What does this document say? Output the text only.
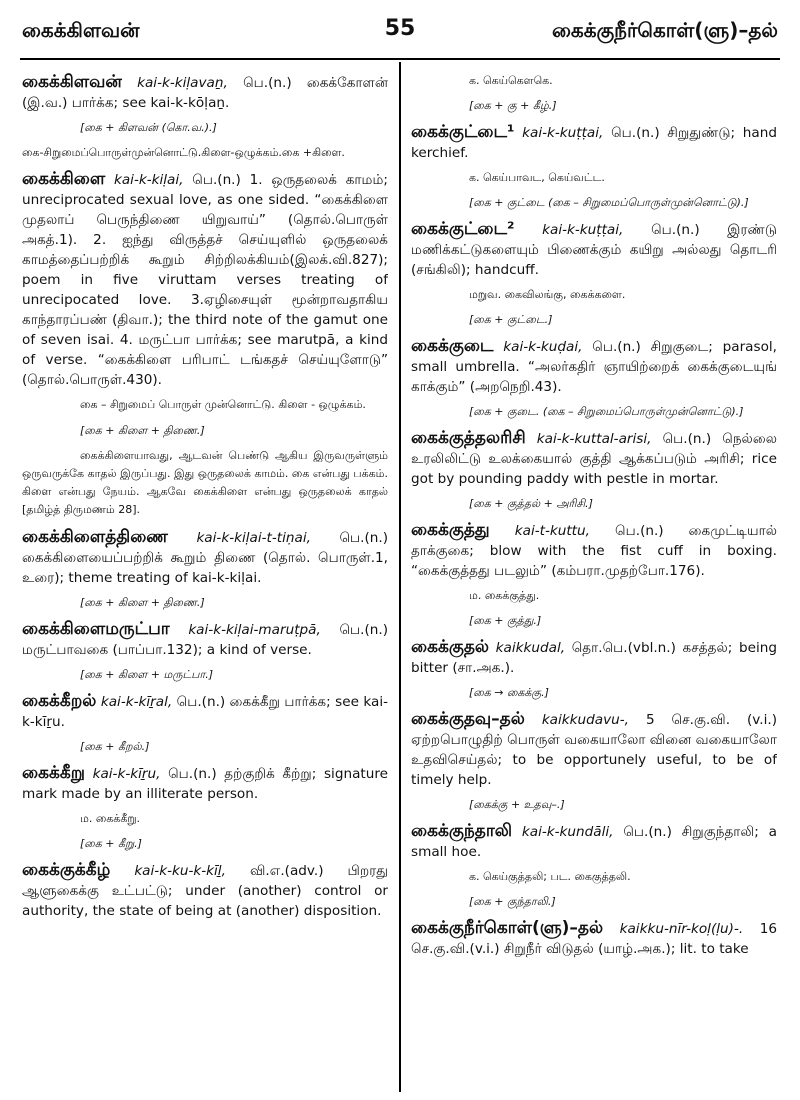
கைக்கிளவன்	55	கைக்குநீர்கொள்(ளு)–தல்
கைக்கிளவன் kai-k-kiḷavaṉ, பெ.(n.) கைக்கோளன் (இ.வ.) பார்க்க; see kai-k-kōḷaṉ.
[கை + கிளவன் (கொ.வ.).]
கை-சிறுமைப்பொருள்முன்னொட்டு.கிளை-ஒழுக்கம்.கை +கிளை.
கைக்கிளை kai-k-kiḷai, பெ.(n.) 1. ஒருதலைக் காமம்; unreciprocated sexual love, as one sided. “கைக்கிளை முதலாப் பெருந்திணை யிறுவாய்” (தொல்.பொருள் அகத்.1). 2. ஐந்து விருத்தச் செய்யுளில் ஒருதலைக் காமத்தைப்பற்றிக் கூறும் சிற்றிலக்கியம்(இலக்.வி.827); poem in five viruttam verses treating of unrecipocated love. 3.ஏழிசையுள் மூன்றாவதாகிய காந்தாரப்பண் (திவா.); the third note of the gamut one of seven isai. 4. மருட்பா பார்க்க; see marutpā, a kind of verse. “கைக்கிளை பரிபாட் டங்கதச் செய்யுளோடு” (தொல்.பொருள்.430).
கை – சிறுமைப் பொருள் முன்னொட்டு. கிளை - ஒழுக்கம்.
[கை + கிளை + திணை.]
கைக்கிளையாவது, ஆடவன் பெண்டு ஆகிய இருவருள்ளும் ஒருவருக்கே காதல் இருப்பது. இது ஒருதலைக் காமம். கை என்பது பக்கம். கிளை என்பது நேயம். ஆகவே கைக்கிளை என்பது ஒருதலைக் காதல் [தமிழ்த் திருமணம் 28].
கைக்கிளைத்திணை kai-k-kiḷai-t-tiṇai, பெ.(n.) கைக்கிளையைப்பற்றிக் கூறும் திணை (தொல். பொருள்.1, உரை); theme treating of kai-k-kiḷai.
[கை + கிளை + திணை.]
கைக்கிளைமருட்பா kai-k-kiḷai-maruṭpā, பெ.(n.) மருட்பாவகை (பாப்பா.132); a kind of verse.
[கை + கிளை + மருட்பா.]
கைக்கீறல் kai-k-kīṟal, பெ.(n.) கைக்கீறு பார்க்க; see kai-k-kīṟu.
[கை + கீறல்.]
கைக்கீறு kai-k-kīṟu, பெ.(n.) தற்குறிக் கீற்று; signature mark made by an illiterate person.
ம. கைக்கீறு.
[கை + கீறு.]
கைக்குக்கீழ் kai-k-ku-k-kīḻ, வி.எ.(adv.) பிறரது ஆளுகைக்கு உட்பட்டு; under (another) control or authority, the state of being at (another) disposition.
க. கெய்கௌகெ.
[கை + கு + கீழ்.]
கைக்குட்டை¹ kai-k-kuṭṭai, பெ.(n.) சிறுதுண்டு; hand kerchief.
க. கெய்பாவட, கெய்வட்ட.
[கை + குட்டை (கை – சிறுமைப்பொருள்முன்னொட்டு).]
கைக்குட்டை² kai-k-kuṭṭai, பெ.(n.) இரண்டு மணிக்கட்டுகளையும் பிணைக்கும் கயிறு அல்லது தொடரி (சங்கிலி); handcuff.
மறுவ. கைவிலங்கு, கைக்களை.
[கை + குட்டை.]
கைக்குடை kai-k-kuḍai, பெ.(n.) சிறுகுடை; parasol, small umbrella. “அலர்கதிர் ஞாயிற்றைக் கைக்குடையுங் காக்கும்” (அறநெறி.43).
[கை + குடை. (கை – சிறுமைப்பொருள்முன்னொட்டு).]
கைக்குத்தலரிசி kai-k-kuttal-arisi, பெ.(n.) நெல்லை உரலிலிட்டு உலக்கையால் குத்தி ஆக்கப்படும் அரிசி; rice got by pounding paddy with pestle in mortar.
[கை + குத்தல் + அரிசி.]
கைக்குத்து kai-t-kuttu, பெ.(n.) கைமுட்டியால் தாக்குகை; blow with the fist cuff in boxing. “கைக்குத்தது படலும்” (கம்பரா.முதற்போ.176).
ம. கைக்குத்து.
[கை + குத்து.]
கைக்குதல் kaikkudal, தொ.பெ.(vbl.n.) கசத்தல்; being bitter (சா.அக.).
[கை → கைக்கு.]
கைக்குதவு–தல் kaikkudavu-, 5 செ.கு.வி. (v.i.) ஏற்றபொழுதிற் பொருள் வகையாலோ வினை வகையாலோ உதவிசெய்தல்; to be opportunely useful, to be of timely help.
[கைக்கு + உதவு–.]
கைக்குந்தாலி kai-k-kundāli, பெ.(n.) சிறுகுந்தாலி; a small hoe.
க. கெய்குத்தலி; பட. கைகுத்தலி.
[கை + குந்தாலி.]
கைக்குநீர்கொள்(ளு)–தல் kaikku-nīr-koḷ(ḷu)-. 16 செ.கு.வி.(v.i.) சிறுநீர் விடுதல் (யாழ்.அக.); lit. to take
